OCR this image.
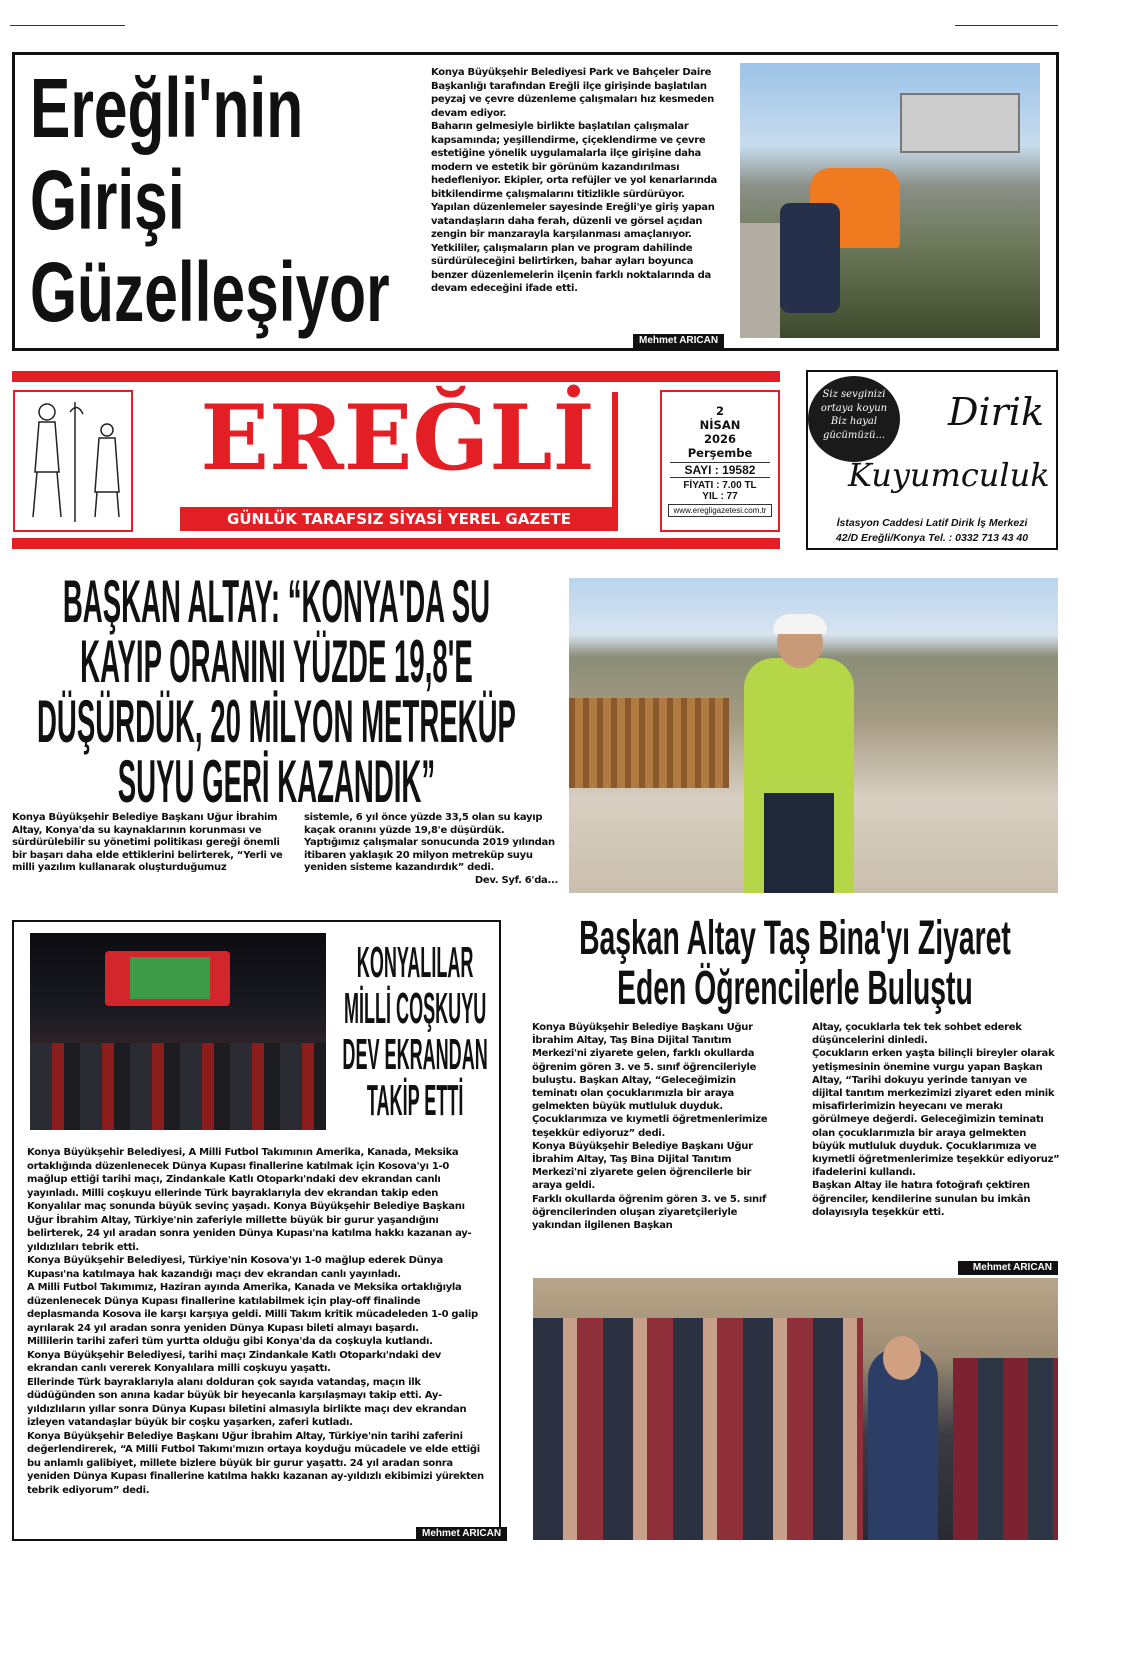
Ereğli'nin
Girişi
Güzelleşiyor

Konya Büyükşehir Belediyesi Park ve Bahçeler Daire Başkanlığı tarafından Ereğli ilçe girişinde başlatılan peyzaj ve çevre düzenleme çalışmaları hız kesmeden devam ediyor.

Baharın gelmesiyle birlikte başlatılan çalışmalar kapsamında; yeşillendirme, çiçeklendirme ve çevre estetiğine yönelik uygulamalarla ilçe girişine daha modern ve estetik bir görünüm kazandırılması hedefleniyor. Ekipler, orta refüjler ve yol kenarlarında bitkilendirme çalışmalarını titizlikle sürdürüyor.

Yapılan düzenlemeler sayesinde Ereğli'ye giriş yapan vatandaşların daha ferah, düzenli ve görsel açıdan zengin bir manzarayla karşılanması amaçlanıyor.

Yetkililer, çalışmaların plan ve program dahilinde sürdürüleceğini belirtirken, bahar ayları boyunca benzer düzenlemelerin ilçenin farklı noktalarında da devam edeceğini ifade etti.

Mehmet ARICAN
EREĞLİ
GÜNLÜK TARAFSIZ SİYASİ YEREL GAZETE
2
NİSAN
2026
Perşembe
SAYI : 19582
FİYATI : 7.00 TL
YIL : 77
www.eregligazetesi.com.tr
Siz sevginizi
ortaya koyun
Biz hayal
gücümüzü...
Dirik
Kuyumculuk
İstasyon Caddesi Latif Dirik İş Merkezi
42/D Ereğli/Konya Tel. : 0332 713 43 40
BAŞKAN ALTAY: “KONYA'DA SU
KAYIP ORANINI YÜZDE 19,8'E
DÜŞÜRDÜK, 20 MİLYON METREKÜP
SUYU GERİ KAZANDIK”
Konya Büyükşehir Belediye Başkanı Uğur İbrahim Altay, Konya'da su kaynaklarının korunması ve sürdürülebilir su yönetimi politikası gereği önemli bir başarı daha elde ettiklerini belirterek, “Yerli ve milli yazılım kullanarak oluşturduğumuz
sistemle, 6 yıl önce yüzde 33,5 olan su kayıp kaçak oranını yüzde 19,8'e düşürdük. Yaptığımız çalışmalar sonucunda 2019 yılından itibaren yaklaşık 20 milyon metreküp suyu yeniden sisteme kazandırdık” dedi.
Dev. Syf. 6'da...
KONYALILAR
MİLLİ COŞKUYU
DEV EKRANDAN
TAKİP ETTİ

Konya Büyükşehir Belediyesi, A Milli Futbol Takımının Amerika, Kanada, Meksika ortaklığında düzenlenecek Dünya Kupası finallerine katılmak için Kosova'yı 1-0 mağlup ettiği tarihi maçı, Zindankale Katlı Otoparkı'ndaki dev ekrandan canlı yayınladı. Milli coşkuyu ellerinde Türk bayraklarıyla dev ekrandan takip eden Konyalılar maç sonunda büyük sevinç yaşadı. Konya Büyükşehir Belediye Başkanı Uğur İbrahim Altay, Türkiye'nin zaferiyle millette büyük bir gurur yaşandığını belirterek, 24 yıl aradan sonra yeniden Dünya Kupası'na katılma hakkı kazanan ay-yıldızlıları tebrik etti.

Konya Büyükşehir Belediyesi, Türkiye'nin Kosova'yı 1-0 mağlup ederek Dünya Kupası'na katılmaya hak kazandığı maçı dev ekrandan canlı yayınladı.

A Milli Futbol Takımımız, Haziran ayında Amerika, Kanada ve Meksika ortaklığıyla düzenlenecek Dünya Kupası finallerine katılabilmek için play-off finalinde deplasmanda Kosova ile karşı karşıya geldi. Milli Takım kritik mücadeleden 1-0 galip ayrılarak 24 yıl aradan sonra yeniden Dünya Kupası bileti almayı başardı.

Millilerin tarihi zaferi tüm yurtta olduğu gibi Konya'da da coşkuyla kutlandı.

Konya Büyükşehir Belediyesi, tarihi maçı Zindankale Katlı Otoparkı'ndaki dev ekrandan canlı vererek Konyalılara milli coşkuyu yaşattı.

Ellerinde Türk bayraklarıyla alanı dolduran çok sayıda vatandaş, maçın ilk düdüğünden son anına kadar büyük bir heyecanla karşılaşmayı takip etti. Ay-yıldızlıların yıllar sonra Dünya Kupası biletini almasıyla birlikte maçı dev ekrandan izleyen vatandaşlar büyük bir coşku yaşarken, zaferi kutladı.

Konya Büyükşehir Belediye Başkanı Uğur İbrahim Altay, Türkiye'nin tarihi zaferini değerlendirerek, “A Milli Futbol Takımı'mızın ortaya koyduğu mücadele ve elde ettiği bu anlamlı galibiyet, millete bizlere büyük bir gurur yaşattı. 24 yıl aradan sonra yeniden Dünya Kupası finallerine katılma hakkı kazanan ay-yıldızlı ekibimizi yürekten tebrik ediyorum” dedi.

Mehmet ARICAN
Başkan Altay Taş Bina'yı Ziyaret
Eden Öğrencilerle Buluştu

Konya Büyükşehir Belediye Başkanı Uğur İbrahim Altay, Taş Bina Dijital Tanıtım Merkezi'ni ziyarete gelen, farklı okullarda öğrenim gören 3. ve 5. sınıf öğrencileriyle buluştu. Başkan Altay, “Geleceğimizin teminatı olan çocuklarımızla bir araya gelmekten büyük mutluluk duyduk. Çocuklarımıza ve kıymetli öğretmenlerimize teşekkür ediyoruz” dedi.

Konya Büyükşehir Belediye Başkanı Uğur İbrahim Altay, Taş Bina Dijital Tanıtım Merkezi'ni ziyarete gelen öğrencilerle bir araya geldi.

Farklı okullarda öğrenim gören 3. ve 5. sınıf öğrencilerinden oluşan ziyaretçileriyle yakından ilgilenen Başkan

Altay, çocuklarla tek tek sohbet ederek düşüncelerini dinledi.

Çocukların erken yaşta bilinçli bireyler olarak yetişmesinin önemine vurgu yapan Başkan Altay, “Tarihi dokuyu yerinde tanıyan ve dijital tanıtım merkezimizi ziyaret eden minik misafirlerimizin heyecanı ve merakı görülmeye değerdi. Geleceğimizin teminatı olan çocuklarımızla bir araya gelmekten büyük mutluluk duyduk. Çocuklarımıza ve kıymetli öğretmenlerimize teşekkür ediyoruz” ifadelerini kullandı.

Başkan Altay ile hatıra fotoğrafı çektiren öğrenciler, kendilerine sunulan bu imkân dolayısıyla teşekkür etti.

Mehmet ARICAN
